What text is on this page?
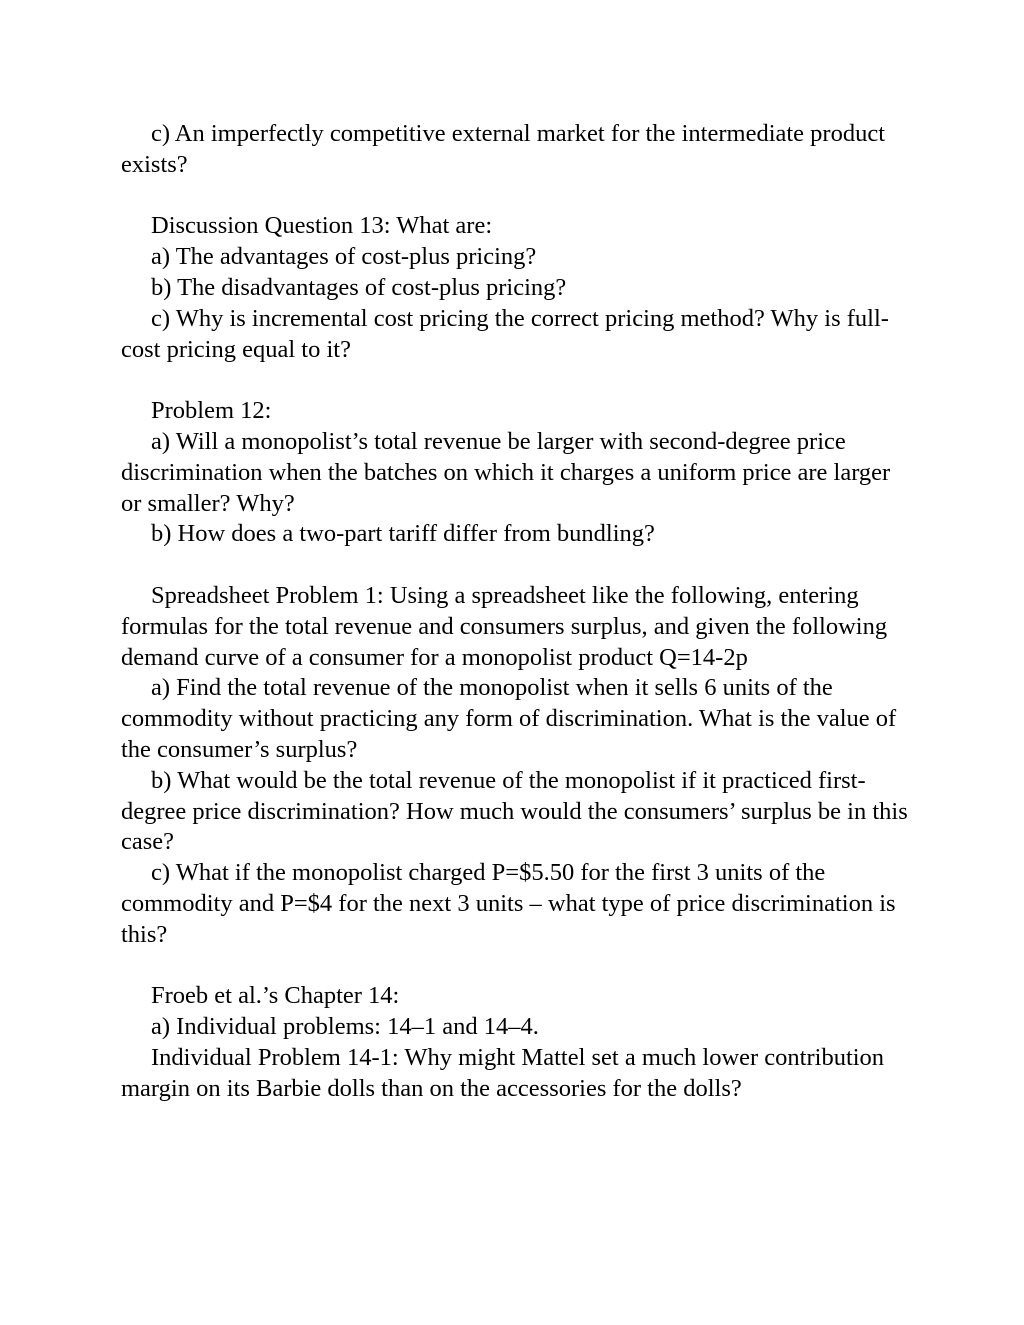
c) An imperfectly competitive external market for the intermediate product exists?

Discussion Question 13: What are:

a) The advantages of cost-plus pricing?

b) The disadvantages of cost-plus pricing?

c) Why is incremental cost pricing the correct pricing method? Why is full-cost pricing equal to it?

Problem 12:

a) Will a monopolist’s total revenue be larger with second-degree price discrimination when the batches on which it charges a uniform price are larger or smaller? Why?

b) How does a two-part tariff differ from bundling?

Spreadsheet Problem 1: Using a spreadsheet like the following, entering formulas for the total revenue and consumers surplus, and given the following demand curve of a consumer for a monopolist product Q=14-2p

a) Find the total revenue of the monopolist when it sells 6 units of the commodity without practicing any form of discrimination. What is the value of the consumer’s surplus?

b) What would be the total revenue of the monopolist if it practiced first-degree price discrimination? How much would the consumers’ surplus be in this case?

c) What if the monopolist charged P=$5.50 for the first 3 units of the commodity and P=$4 for the next 3 units – what type of price discrimination is this?

Froeb et al.’s Chapter 14:

a) Individual problems: 14–1 and 14–4.

Individual Problem 14-1: Why might Mattel set a much lower contribution margin on its Barbie dolls than on the accessories for the dolls?
